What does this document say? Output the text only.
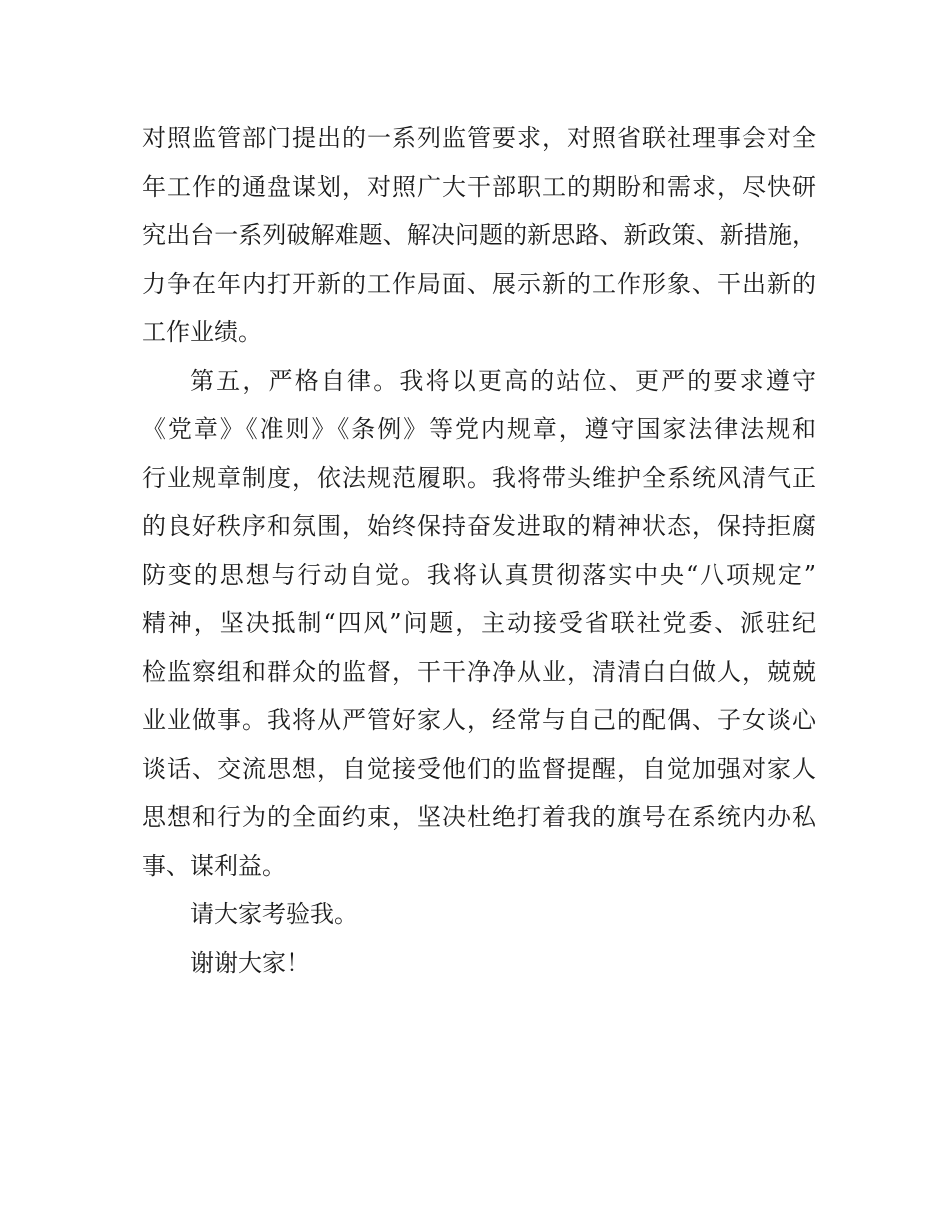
对照监管部门提出的一系列监管要求，对照省联社理事会对全
年工作的通盘谋划，对照广大干部职工的期盼和需求，尽快研
究出台一系列破解难题、解决问题的新思路、新政策、新措施，
力争在年内打开新的工作局面、展示新的工作形象、干出新的
工作业绩。
第五，严格自律。我将以更高的站位、更严的要求遵守
《党章》《准则》《条例》等党内规章，遵守国家法律法规和
行业规章制度，依法规范履职。我将带头维护全系统风清气正
的良好秩序和氛围，始终保持奋发进取的精神状态，保持拒腐
防变的思想与行动自觉。我将认真贯彻落实中央“八项规定”
精神，坚决抵制“四风”问题，主动接受省联社党委、派驻纪
检监察组和群众的监督，干干净净从业，清清白白做人，兢兢
业业做事。我将从严管好家人，经常与自己的配偶、子女谈心
谈话、交流思想，自觉接受他们的监督提醒，自觉加强对家人
思想和行为的全面约束，坚决杜绝打着我的旗号在系统内办私
事、谋利益。
请大家考验我。
谢谢大家！
